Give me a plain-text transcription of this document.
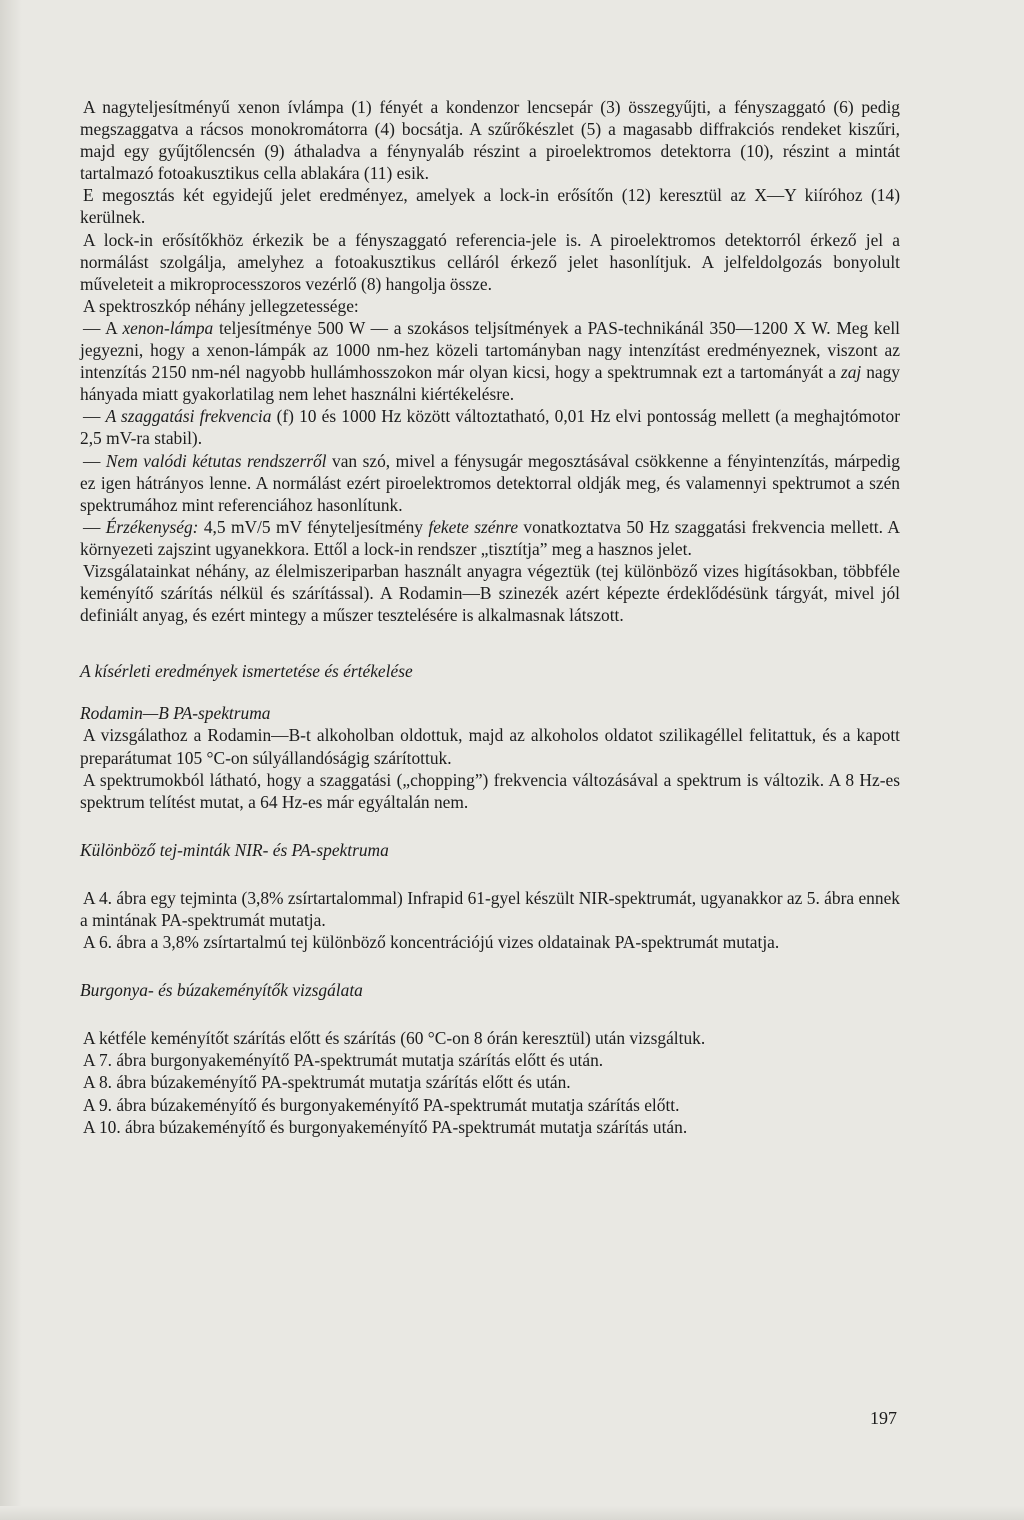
A nagyteljesítményű xenon ívlámpa (1) fényét a kondenzor lencsepár (3) összegyűjti, a fényszaggató (6) pedig megszaggatva a rácsos monokromátorra (4) bocsátja. A szűrőkészlet (5) a magasabb diffrakciós rendeket kiszűri, majd egy gyűjtőlencsén (9) áthaladva a fénynyaláb részint a piroelektromos detektorra (10), részint a mintát tartalmazó fotoakusztikus cella ablakára (11) esik.

E megosztás két egyidejű jelet eredményez, amelyek a lock-in erősítőn (12) keresztül az X—Y kiíróhoz (14) kerülnek.

A lock-in erősítőkhöz érkezik be a fényszaggató referencia-jele is. A piroelektromos detektorról érkező jel a normálást szolgálja, amelyhez a fotoakusztikus celláról érkező jelet hasonlítjuk. A jelfeldolgozás bonyolult műveleteit a mikroprocesszoros vezérlő (8) hangolja össze.

A spektroszkóp néhány jellegzetessége:

— A xenon-lámpa teljesítménye 500 W — a szokásos teljsítmények a PAS-technikánál 350—1200 X W. Meg kell jegyezni, hogy a xenon-lámpák az 1000 nm-hez közeli tartományban nagy intenzítást eredményeznek, viszont az intenzítás 2150 nm-nél nagyobb hullámhosszokon már olyan kicsi, hogy a spektrumnak ezt a tartományát a zaj nagy hányada miatt gyakorlatilag nem lehet használni kiértékelésre.

— A szaggatási frekvencia (f) 10 és 1000 Hz között változtatható, 0,01 Hz elvi pontosság mellett (a meghajtómotor 2,5 mV-ra stabil).

— Nem valódi kétutas rendszerről van szó, mivel a fénysugár megosztásával csökkenne a fényintenzítás, márpedig ez igen hátrányos lenne. A normálást ezért piroelektromos detektorral oldják meg, és valamennyi spektrumot a szén spektrumához mint referenciához hasonlítunk.

— Érzékenység: 4,5 mV/5 mV fényteljesítmény fekete szénre vonatkoztatva 50 Hz szaggatási frekvencia mellett. A környezeti zajszint ugyanekkora. Ettől a lock-in rendszer „tisztítja” meg a hasznos jelet.

Vizsgálatainkat néhány, az élelmiszeriparban használt anyagra végeztük (tej különböző vizes higításokban, többféle keményítő szárítás nélkül és szárítással). A Rodamin—B szinezék azért képezte érdeklődésünk tárgyát, mivel jól definiált anyag, és ezért mintegy a műszer tesztelésére is alkalmasnak látszott.

A kísérleti eredmények ismertetése és értékelése

Rodamin—B PA-spektruma

A vizsgálathoz a Rodamin—B-t alkoholban oldottuk, majd az alkoholos oldatot szilikagéllel felitattuk, és a kapott preparátumat 105 °C-on súlyállandóságig szárítottuk.

A spektrumokból látható, hogy a szaggatási („chopping”) frekvencia változásával a spektrum is változik. A 8 Hz-es spektrum telítést mutat, a 64 Hz-es már egyáltalán nem.

Különböző tej-minták NIR- és PA-spektruma

A 4. ábra egy tejminta (3,8% zsírtartalommal) Infrapid 61-gyel készült NIR-spektrumát, ugyanakkor az 5. ábra ennek a mintának PA-spektrumát mutatja.

A 6. ábra a 3,8% zsírtartalmú tej különböző koncentrációjú vizes oldatainak PA-spektrumát mutatja.

Burgonya- és búzakeményítők vizsgálata

A kétféle keményítőt szárítás előtt és szárítás (60 °C-on 8 órán keresztül) után vizsgáltuk.

A 7. ábra burgonyakeményítő PA-spektrumát mutatja szárítás előtt és után.

A 8. ábra búzakeményítő PA-spektrumát mutatja szárítás előtt és után.

A 9. ábra búzakeményítő és burgonyakeményítő PA-spektrumát mutatja szárítás előtt.

A 10. ábra búzakeményítő és burgonyakeményítő PA-spektrumát mutatja szárítás után.

197
